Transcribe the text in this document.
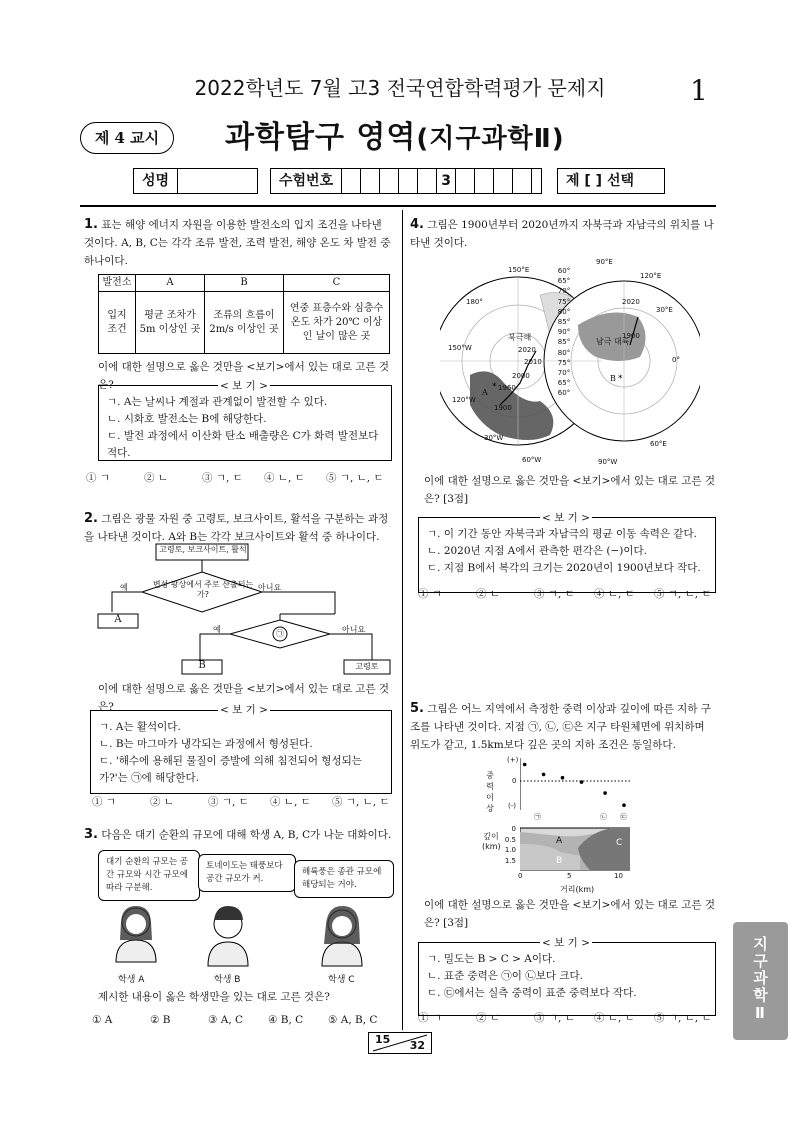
2022학년도 7월 고3 전국연합학력평가 문제지	1
제 4 교시	과학탐구 영역(지구과학Ⅱ)
성명	수험번호	3	제 [ ] 선택
1. 표는 해양 에너지 자원을 이용한 발전소의 입지 조건을 나타낸 것이다. A, B, C는 각각 조류 발전, 조력 발전, 해양 온도 차 발전 중 하나이다.
발전소	A	B	C
입지 조건	평균 조차가 5m 이상인 곳	조류의 흐름이 2m/s 이상인 곳	연중 표층수와 심층수 온도 차가 20℃ 이상인 날이 많은 곳
이에 대한 설명으로 옳은 것만을 <보기>에서 있는 대로 고른 것은?
ㄱ. A는 날씨나 계절과 관계없이 발전할 수 있다.
ㄴ. 시화호 발전소는 B에 해당한다.
ㄷ. 발전 과정에서 이산화 탄소 배출량은 C가 화력 발전보다 적다.
< 보 기 >
① ㄱ	② ㄴ	③ ㄱ, ㄷ ④ ㄴ, ㄷ ⑤ ㄱ, ㄴ, ㄷ
2. 그림은 광물 자원 중 고령토, 보크사이트, 활석을 구분하는 과정을 나타낸 것이다. A와 B는 각각 보크사이트와 활석 중 하나이다.
고령토, 보크사이트, 활석
변성 광상에서 주로 산출되는가?
예	아니요
A
예	아니요
㉠
B	고령토
이에 대한 설명으로 옳은 것만을 <보기>에서 있는 대로 고른 것은?
ㄱ. A는 활석이다.
ㄴ. B는 마그마가 냉각되는 과정에서 형성된다.
ㄷ. '해수에 용해된 물질이 증발에 의해 침전되어 형성되는가?'는 ㉠에 해당한다.
< 보 기 >
① ㄱ	② ㄴ	③ ㄱ, ㄷ ④ ㄴ, ㄷ ⑤ ㄱ, ㄴ, ㄷ
3. 다음은 대기 순환의 규모에 대해 학생 A, B, C가 나눈 대화이다.
대기 순환의 규모는 공간 규모와 시간 규모에 따라 구분해.
토네이도는 태풍보다 공간 규모가 커.
해륙풍은 종관 규모에 해당되는 거야.
학생 A	학생 B	학생 C
제시한 내용이 옳은 학생만을 있는 대로 고른 것은?
① A	② B	③ A, C ④ B, C ⑤ A, B, C
4. 그림은 1900년부터 2020년까지 자북극과 자남극의 위치를 나타낸 것이다.
*
*
북극해	남극 대륙
2020
2010
2000
1960
1900
2020
1900
A
B
90°E
120°E
150°E
180°
150°W
120°W
90°W
60°W
30°W
0°
30°E
60°E
60°
65°
70°
75°
80°
85°
90°
85°
80°
75°
70°
65°
60°
이에 대한 설명으로 옳은 것만을 <보기>에서 있는 대로 고른 것은? [3점]
ㄱ. 이 기간 동안 자북극과 자남극의 평균 이동 속력은 같다.
ㄴ. 2020년 지점 A에서 관측한 편각은 (−)이다.
ㄷ. 지점 B에서 복각의 크기는 2020년이 1900년보다 작다.
< 보 기 >
① ㄱ	② ㄴ	③ ㄱ, ㄷ ④ ㄴ, ㄷ ⑤ ㄱ, ㄴ, ㄷ
5. 그림은 어느 지역에서 측정한 중력 이상과 깊이에 따른 지하 구조를 나타낸 것이다. 지점 ㉠, ㉡, ㉢은 지구 타원체면에 위치하며 위도가 같고, 1.5km보다 깊은 곳의 지하 조건은 동일하다.
중력 이상
(+)
0
(-)
㉠	㉡ ㉢
A
B
C
깊이 (km)
0
0.5
1.0
1.5
0	5	10
거리(km)
이에 대한 설명으로 옳은 것만을 <보기>에서 있는 대로 고른 것은? [3점]
ㄱ. 밀도는 B > C > A이다.
ㄴ. 표준 중력은 ㉠이 ㉡보다 크다.
ㄷ. ㉢에서는 실측 중력이 표준 중력보다 작다.
< 보 기 >
① ㄱ	② ㄷ	③ ㄱ, ㄴ ④ ㄴ, ㄷ ⑤ ㄱ, ㄴ, ㄷ	지구과학Ⅱ
15 32
